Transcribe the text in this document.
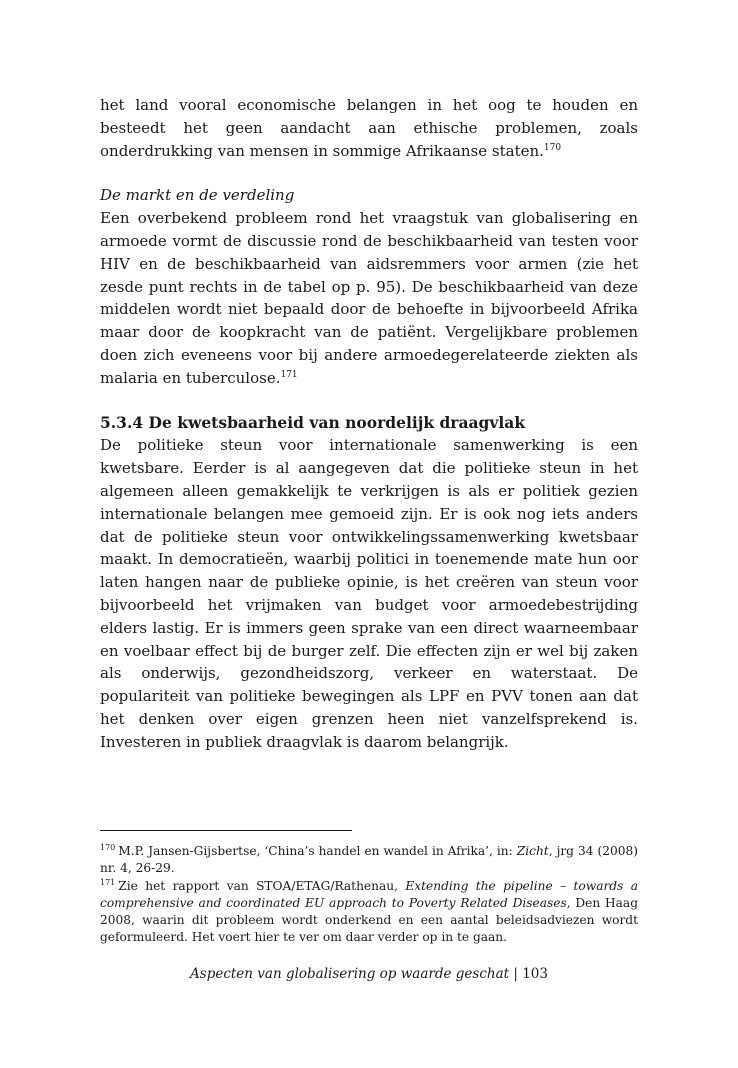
het land vooral economische belangen in het oog te houden en besteedt het geen aandacht aan ethische problemen, zoals onderdrukking van mensen in sommige Afrikaanse staten.$^{170}$

De markt en de verdeling

Een overbekend probleem rond het vraagstuk van globalisering en armoede vormt de discussie rond de beschikbaarheid van testen voor HIV en de beschikbaarheid van aidsremmers voor armen (zie het zesde punt rechts in de tabel op p. 95). De beschikbaarheid van deze middelen wordt niet bepaald door de behoefte in bijvoorbeeld Afrika maar door de koopkracht van de patiënt. Vergelijkbare problemen doen zich eveneens voor bij andere armoedegerelateerde ziekten als malaria en tuberculose.$^{171}$

5.3.4 De kwetsbaarheid van noordelijk draagvlak

De politieke steun voor internationale samenwerking is een kwetsbare. Eerder is al aangegeven dat die politieke steun in het algemeen alleen gemakkelijk te verkrijgen is als er politiek gezien internationale belangen mee gemoeid zijn. Er is ook nog iets anders dat de politieke steun voor ontwikkelingssamenwerking kwetsbaar maakt. In democratieën, waarbij politici in toenemende mate hun oor laten hangen naar de publieke opinie, is het creëren van steun voor bijvoorbeeld het vrijmaken van budget voor armoedebestrijding elders lastig. Er is immers geen sprake van een direct waarneembaar en voelbaar effect bij de burger zelf. Die effecten zijn er wel bij zaken als onderwijs, gezondheidszorg, verkeer en waterstaat. De populariteit van politieke bewegingen als LPF en PVV tonen aan dat het denken over eigen grenzen heen niet vanzelfsprekend is. Investeren in publiek draagvlak is daarom belangrijk.

$^{170}$ M.P. Jansen-Gijsbertse, ‘China’s handel en wandel in Afrika’, in: Zicht, jrg 34 (2008) nr. 4, 26-29.

$^{171}$ Zie het rapport van STOA/ETAG/Rathenau, Extending the pipeline – towards a comprehensive and coordinated EU approach to Poverty Related Diseases, Den Haag 2008, waarin dit probleem wordt onderkend en een aantal beleidsadviezen wordt geformuleerd. Het voert hier te ver om daar verder op in te gaan.

Aspecten van globalisering op waarde geschat | 103
